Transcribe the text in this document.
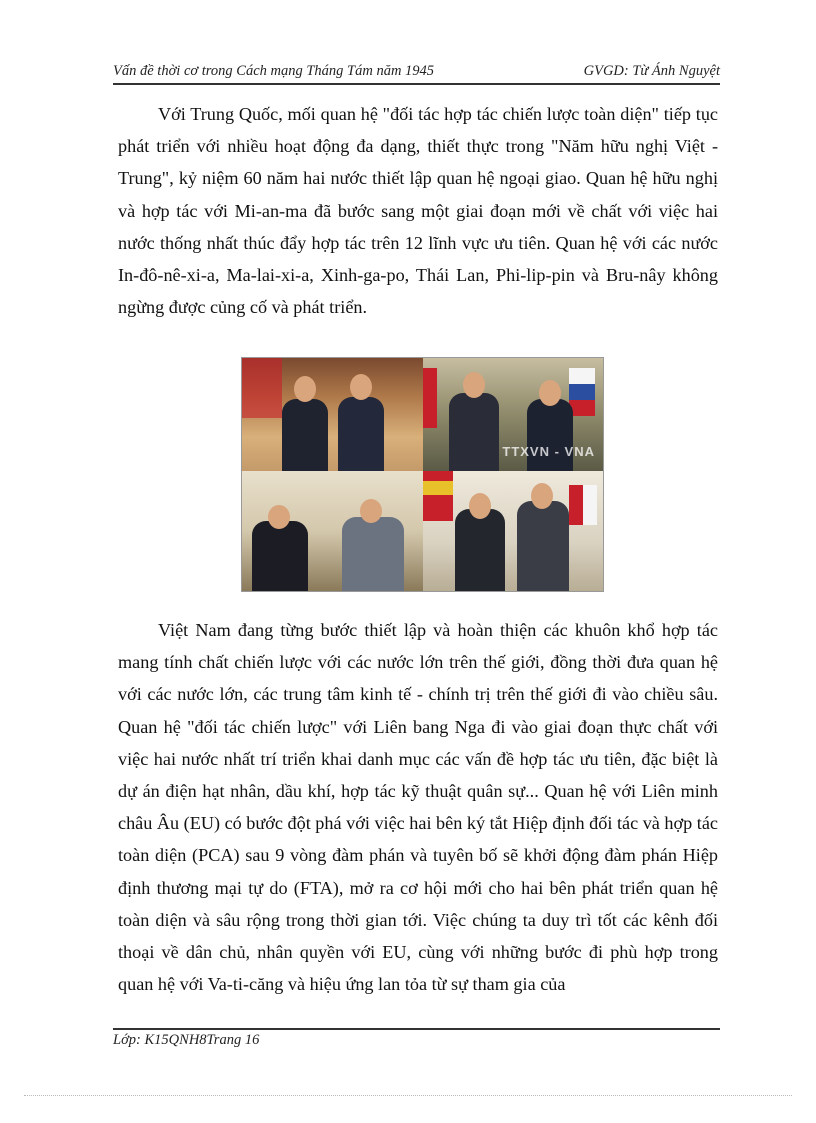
Vấn đề thời cơ trong Cách mạng Tháng Tám năm 1945	GVGD: Từ Ánh Nguyệt

Với Trung Quốc, mối quan hệ "đối tác hợp tác chiến lược toàn diện" tiếp tục phát triển với nhiều hoạt động đa dạng, thiết thực trong "Năm hữu nghị Việt - Trung", kỷ niệm 60 năm hai nước thiết lập quan hệ ngoại giao. Quan hệ hữu nghị và hợp tác với Mi-an-ma đã bước sang một giai đoạn mới về chất với việc hai nước thống nhất thúc đẩy hợp tác trên 12 lĩnh vực ưu tiên. Quan hệ với các nước In-đô-nê-xi-a, Ma-lai-xi-a, Xinh-ga-po, Thái Lan, Phi-lip-pin và Bru-nây không ngừng được củng cố và phát triển.

TTXVN - VNA

Việt Nam đang từng bước thiết lập và hoàn thiện các khuôn khổ hợp tác mang tính chất chiến lược với các nước lớn trên thế giới, đồng thời đưa quan hệ với các nước lớn, các trung tâm kinh tế - chính trị trên thế giới đi vào chiều sâu. Quan hệ "đối tác chiến lược" với Liên bang Nga đi vào giai đoạn thực chất với việc hai nước nhất trí triển khai danh mục các vấn đề hợp tác ưu tiên, đặc biệt là dự án điện hạt nhân, dầu khí, hợp tác kỹ thuật quân sự... Quan hệ với Liên minh châu Âu (EU) có bước đột phá với việc hai bên ký tắt Hiệp định đối tác và hợp tác toàn diện (PCA) sau 9 vòng đàm phán và tuyên bố sẽ khởi động đàm phán Hiệp định thương mại tự do (FTA), mở ra cơ hội mới cho hai bên phát triển quan hệ toàn diện và sâu rộng trong thời gian tới. Việc chúng ta duy trì tốt các kênh đối thoại về dân chủ, nhân quyền với EU, cùng với những bước đi phù hợp trong quan hệ với Va-ti-căng và hiệu ứng lan tỏa từ sự tham gia của

Lớp: K15QNH8Trang 16
